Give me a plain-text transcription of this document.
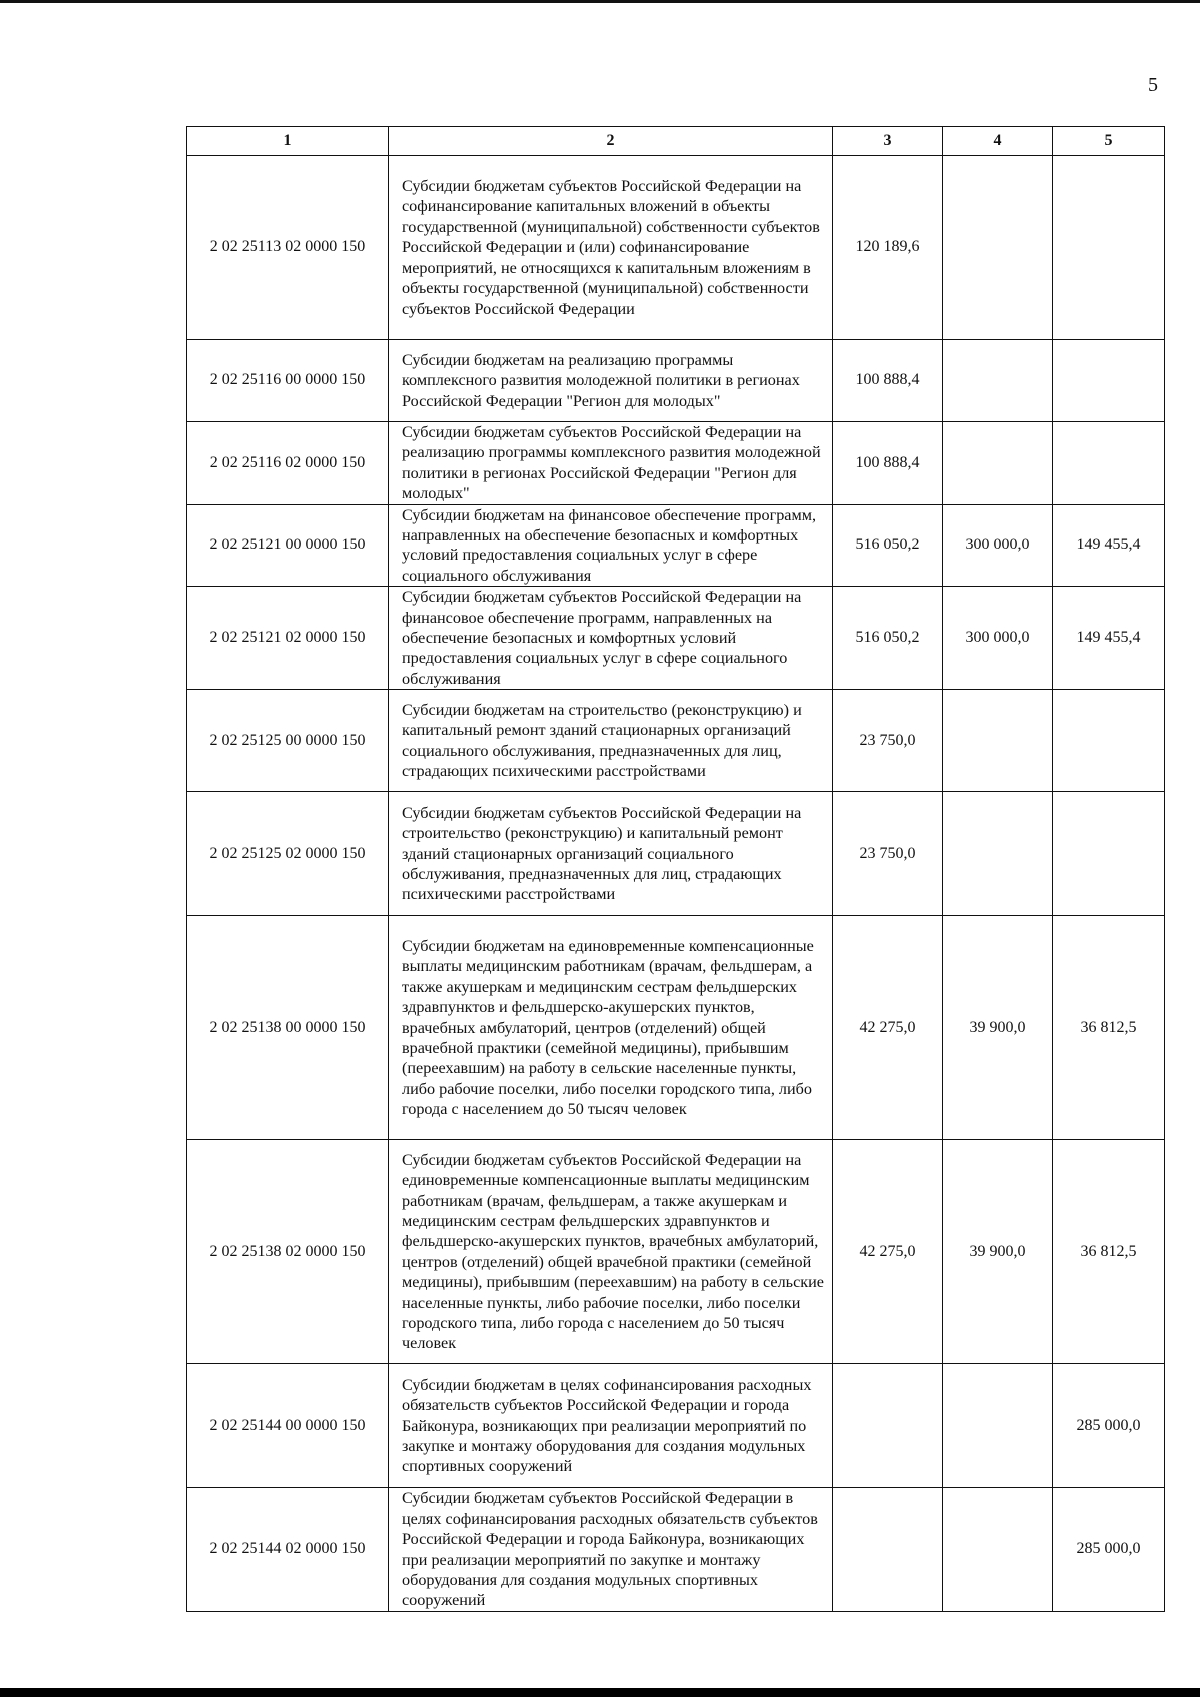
5
1	2	3	4	5
2 02 25113 02 0000 150	Субсидии бюджетам субъектов Российской Федерации на софинансирование капитальных вложений в объекты государственной (муниципальной) собственности субъектов Российской Федерации и (или) софинансирование мероприятий, не относящихся к капитальным вложениям в объекты государственной (муниципальной) собственности субъектов Российской Федерации	120 189,6		
2 02 25116 00 0000 150	Субсидии бюджетам на реализацию программы комплексного развития молодежной политики в регионах Российской Федерации "Регион для молодых"	100 888,4		
2 02 25116 02 0000 150	Субсидии бюджетам субъектов Российской Федерации на реализацию программы комплексного развития молодежной политики в регионах Российской Федерации "Регион для молодых"	100 888,4		
2 02 25121 00 0000 150	Субсидии бюджетам на финансовое обеспечение программ, направленных на обеспечение безопасных и комфортных условий предоставления социальных услуг в сфере социального обслуживания	516 050,2	300 000,0	149 455,4
2 02 25121 02 0000 150	Субсидии бюджетам субъектов Российской Федерации на финансовое обеспечение программ, направленных на обеспечение безопасных и комфортных условий предоставления социальных услуг в сфере социального обслуживания	516 050,2	300 000,0	149 455,4
2 02 25125 00 0000 150	Субсидии бюджетам на строительство (реконструкцию) и капитальный ремонт зданий стационарных организаций социального обслуживания, предназначенных для лиц, страдающих психическими расстройствами	23 750,0		
2 02 25125 02 0000 150	Субсидии бюджетам субъектов Российской Федерации на строительство (реконструкцию) и капитальный ремонт зданий стационарных организаций социального обслуживания, предназначенных для лиц, страдающих психическими расстройствами	23 750,0		
2 02 25138 00 0000 150	Субсидии бюджетам на единовременные компенсационные выплаты медицинским работникам (врачам, фельдшерам, а также акушеркам и медицинским сестрам фельдшерских здравпунктов и фельдшерско-акушерских пунктов, врачебных амбулаторий, центров (отделений) общей врачебной практики (семейной медицины), прибывшим (переехавшим) на работу в сельские населенные пункты, либо рабочие поселки, либо поселки городского типа, либо города с населением до 50 тысяч человек	42 275,0	39 900,0	36 812,5
2 02 25138 02 0000 150	Субсидии бюджетам субъектов Российской Федерации на единовременные компенсационные выплаты медицинским работникам (врачам, фельдшерам, а также акушеркам и медицинским сестрам фельдшерских здравпунктов и фельдшерско-акушерских пунктов, врачебных амбулаторий, центров (отделений) общей врачебной практики (семейной медицины), прибывшим (переехавшим) на работу в сельские населенные пункты, либо рабочие поселки, либо поселки городского типа, либо города с населением до 50 тысяч человек	42 275,0	39 900,0	36 812,5
2 02 25144 00 0000 150	Субсидии бюджетам в целях софинансирования расходных обязательств субъектов Российской Федерации и города Байконура, возникающих при реализации мероприятий по закупке и монтажу оборудования для создания модульных спортивных сооружений			285 000,0
2 02 25144 02 0000 150	Субсидии бюджетам субъектов Российской Федерации в целях софинансирования расходных обязательств субъектов Российской Федерации и города Байконура, возникающих при реализации мероприятий по закупке и монтажу оборудования для создания модульных спортивных сооружений			285 000,0
